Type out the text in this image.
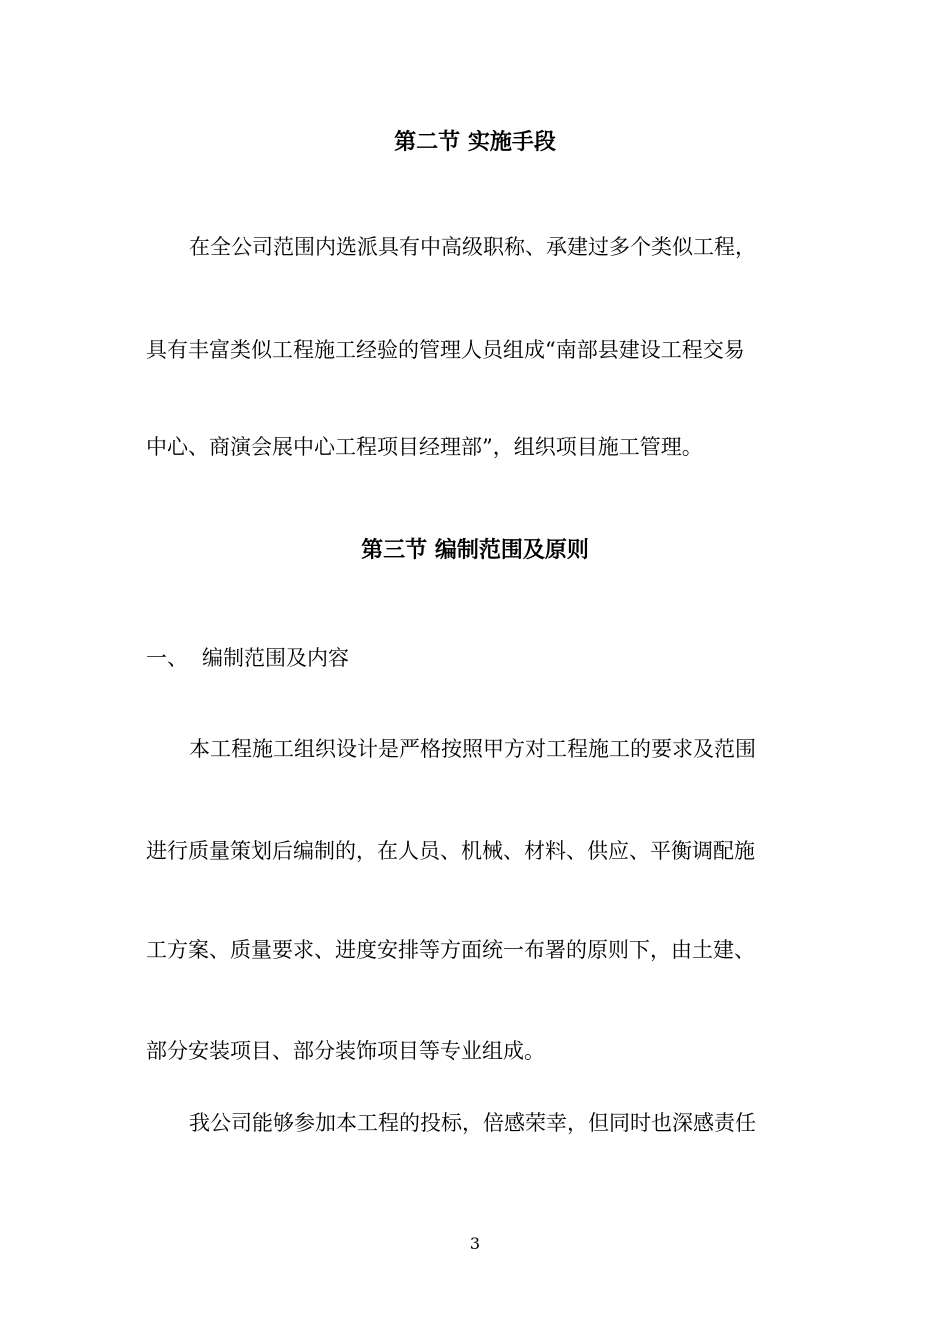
第二节 实施手段
在全公司范围内选派具有中高级职称、承建过多个类似工程，
具有丰富类似工程施工经验的管理人员组成“南部县建设工程交易
中心、商演会展中心工程项目经理部”，组织项目施工管理。
第三节 编制范围及原则
一、 编制范围及内容
本工程施工组织设计是严格按照甲方对工程施工的要求及范围
进行质量策划后编制的，在人员、机械、材料、供应、平衡调配施
工方案、质量要求、进度安排等方面统一布署的原则下，由土建、
部分安装项目、部分装饰项目等专业组成。
我公司能够参加本工程的投标，倍感荣幸，但同时也深感责任
3
